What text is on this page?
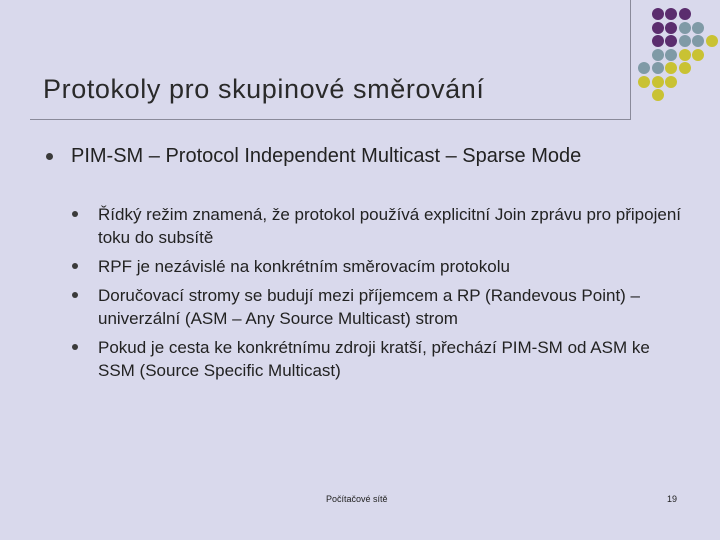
Protokoly pro skupinové směrování
PIM-SM – Protocol Independent Multicast – Sparse Mode
Řídký režim znamená, že protokol používá explicitní Join zprávu pro připojení toku do subsítě
RPF je nezávislé na konkrétním směrovacím protokolu
Doručovací stromy se budují mezi příjemcem a RP (Randevous Point) – univerzální (ASM – Any Source Multicast) strom
Pokud je cesta ke konkrétnímu zdroji kratší, přechází PIM-SM od ASM ke SSM (Source Specific Multicast)
Počítačové sítě	19
